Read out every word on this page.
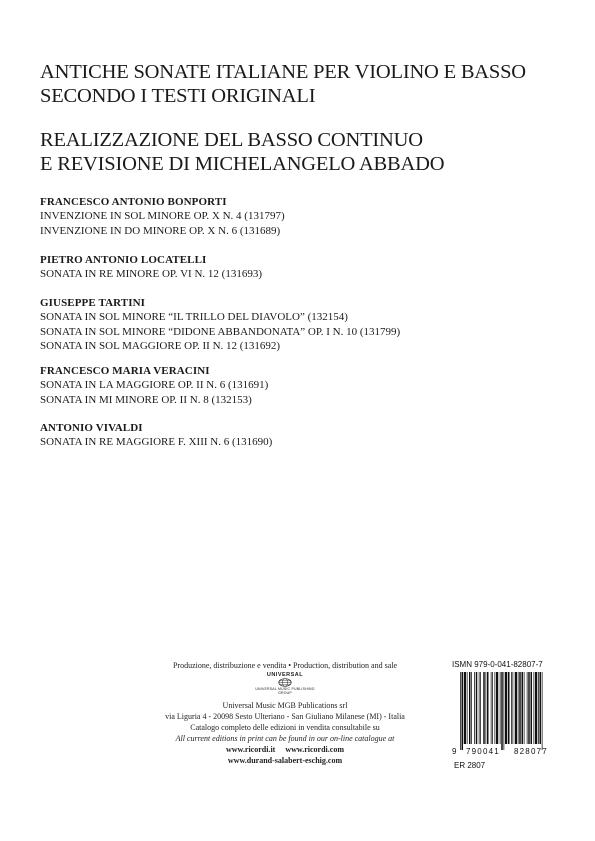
ANTICHE SONATE ITALIANE PER VIOLINO E BASSO
SECONDO I TESTI ORIGINALI
REALIZZAZIONE DEL BASSO CONTINUO
E REVISIONE DI MICHELANGELO ABBADO
FRANCESCO ANTONIO BONPORTI
INVENZIONE IN SOL MINORE OP. X N. 4 (131797)
INVENZIONE IN DO MINORE OP. X N. 6 (131689)
PIETRO ANTONIO LOCATELLI
SONATA IN RE MINORE OP. VI N. 12 (131693)
GIUSEPPE TARTINI
SONATA IN SOL MINORE “IL TRILLO DEL DIAVOLO” (132154)
SONATA IN SOL MINORE “DIDONE ABBANDONATA” OP. I N. 10 (131799)
SONATA IN SOL MAGGIORE OP. II N. 12 (131692)
FRANCESCO MARIA VERACINI
SONATA IN LA MAGGIORE OP. II N. 6 (131691)
SONATA IN MI MINORE OP. II N. 8 (132153)
ANTONIO VIVALDI
SONATA IN RE MAGGIORE F. XIII N. 6 (131690)
Produzione, distribuzione e vendita • Production, distribution and sale
UNIVERSAL
UNIVERSAL MUSIC PUBLISHING GROUP
Universal Music MGB Publications srl
via Liguria 4 - 20098 Sesto Ulteriano - San Giuliano Milanese (MI) - Italia
Catalogo completo delle edizioni in vendita consultabile su
All current editions in print can be found in our on-line catalogue at
www.ricordi.it www.ricordi.com
www.durand-salabert-eschig.com
ISMN 979-0-041-82807-7
9 790041 828077
ER 2807
